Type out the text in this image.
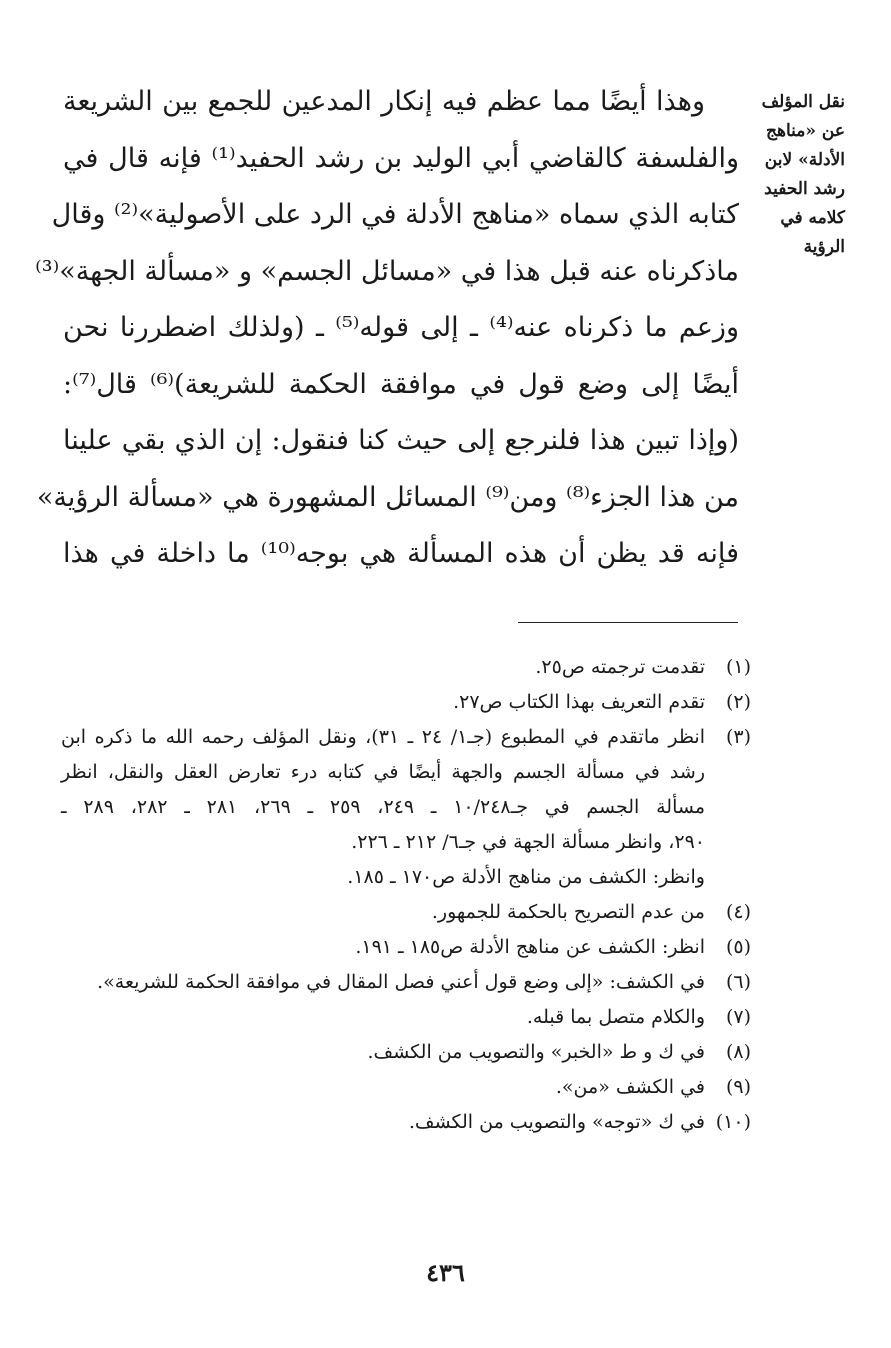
نقل المؤلف
عن «مناهج
الأدلة» لابن
رشد الحفيد
كلامه في
الرؤية
وهذا أيضًا مما عظم فيه إنكار المدعين للجمع بين الشريعة
والفلسفة كالقاضي أبي الوليد بن رشد الحفيد⁽¹⁾ فإنه قال في
كتابه الذي سماه «مناهج الأدلة في الرد على الأصولية»⁽²⁾ وقال
ماذكرناه عنه قبل هذا في «مسائل الجسم» و «مسألة الجهة»⁽³⁾
وزعم ما ذكرناه عنه⁽⁴⁾ ـ إلى قوله⁽⁵⁾ ـ (ولذلك اضطررنا نحن
أيضًا إلى وضع قول في موافقة الحكمة للشريعة)⁽⁶⁾ قال⁽⁷⁾:
(وإذا تبين هذا فلنرجع إلى حيث كنا فنقول: إن الذي بقي علينا
من هذا الجزء⁽⁸⁾ ومن⁽⁹⁾ المسائل المشهورة هي «مسألة الرؤية»
فإنه قد يظن أن هذه المسألة هي بوجه⁽¹⁰⁾ ما داخلة في هذا
(١)
تقدمت ترجمته ص٢٥.
(٢)
تقدم التعريف بهذا الكتاب ص٢٧.
(٣)
انظر ماتقدم في المطبوع (جـ١/ ٢٤ ـ ٣١)، ونقل المؤلف رحمه الله ما ذكره ابن
رشد في مسألة الجسم والجهة أيضًا في كتابه درء تعارض العقل والنقل، انظر
مسألة الجسم في جـ١٠/٢٤٨ ـ ٢٤٩، ٢٥٩ ـ ٢٦٩، ٢٨١ ـ ٢٨٢، ٢٨٩ ـ
٢٩٠، وانظر مسألة الجهة في جـ٦/ ٢١٢ ـ ٢٢٦.
وانظر: الكشف من مناهج الأدلة ص١٧٠ ـ ١٨٥.
(٤)
من عدم التصريح بالحكمة للجمهور.
(٥)
انظر: الكشف عن مناهج الأدلة ص١٨٥ ـ ١٩١.
(٦)
في الكشف: «إلى وضع قول أعني فصل المقال في موافقة الحكمة للشريعة».
(٧)
والكلام متصل بما قبله.
(٨)
في ك و ط «الخبر» والتصويب من الكشف.
(٩)
في الكشف «من».
(١٠)
في ك «توجه» والتصويب من الكشف.
٤٣٦
